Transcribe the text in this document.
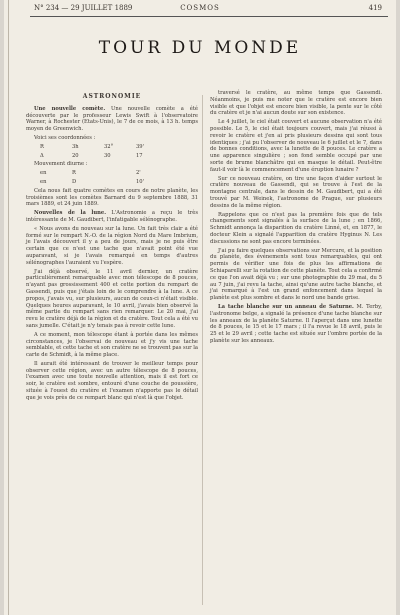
N° 234 — 29 JUILLET 1889	COSMOS	419
TOUR DU MONDE

ASTRONOMIE

Une nouvelle comète. Une nouvelle comète a été découverte par le professeur Lewis Swift à l'observatoire Warner, à Rochester (Etats-Unis), le 7 de ce mois, à 13 h. temps moyen de Greenwich.

Voici ses coordonnées :

R	3h	32°	39'

Δ	20	30	17

Mouvement diurne :

en	R	2'

en	D	10'

Cela nous fait quatre comètes en cours de notre planète, les troisièmes sont les comètes Barnard du 9 septembre 1888, 31 mars 1889, et 24 juin 1889.

Nouvelles de la lune. L'Astronomie a reçu le très intéressante de M. Gaudibert, l'infatigable sélénographe.

« Nous avons du nouveau sur la lune. Un fait très clair a été formé sur le rempart N.-O. de la région Nord du Mare Imbrium, je l'avais découvert il y a peu de jours, mais je ne puis être certain que ce n'est une tache que n'avait point été vue auparavant, si je l'avais remarqué en temps d'autres sélénographes l'auraient vu l'espère.

J'ai déjà observé, le 11 avril dernier, un cratère particulièrement remarquable avec mon télescope de 8 pouces, n'ayant pas grossissement 400 et cette portion du rempart de Gassendi, puis que j'étais loin de le comprendre à la lune. A ce propos, j'avais vu, sur plusieurs, aucun de ceux-ci n'était visible. Quelques heures auparavant, le 10 avril, j'avais bien observé la même partie du rempart sans rien remarquer. Le 20 mai, j'ai revu le cratère déjà de la région et du cratère. Tout cela a été vu sans jumelle. C'était je n'y tenais pas à revoir cette lune.

A ce moment, mon télescope étant à portée dans les mêmes circonstances, je l'observai de nouveau et j'y vis une tache semblable, et cette tache et son cratère ne se trouvent pas sur la carte de Schmidt, à la même place.

Il aurait été intéressant de trouver le meilleur temps pour observer cette région, avec un autre télescope de 8 pouces, l'examen avec une toute nouvelle attention, mais il est fort ce soir, le cratère est sombre, entouré d'une couche de poussière, située à l'ouest du cratère et l'examen n'apporte pas le détail que je vois près de ce rempart blanc qui n'est là que l'objet.

traversé le cratère, au même temps que Gassendi. Néanmoins, je puis me noter que le cratère est encore bien visible et que l'objet est encore bien visible, la pente sur le côté du cratère et je n'ai aucun doute sur son existence.

Le 4 juillet, le ciel était couvert et aucune observation n'a été possible. Le 5, le ciel était toujours couvert, mais j'ai réussi à revoir le cratère et j'en ai pris plusieurs dessins qui sont tous identiques ; j'ai pu l'observer de nouveau le 6 juillet et le 7, dans de bonnes conditions, avec la lunette de 8 pouces. Le cratère a une apparence singulière ; son fond semble occupé par une sorte de brume blanchâtre qui en masque le détail. Peut-être faut-il voir là le commencement d'une éruption lunaire ?

Sur ce nouveau cratère, on tire une façon d'aider surtout le cratère nouveau de Gassendi, qui se trouve à l'est de la montagne centrale, dans le dessin de M. Gaudibert, qui a été trouvé par M. Weinek, l'astronome de Prague, sur plusieurs dessins de la même région.

Rappelons que ce n'est pas la première fois que de tels changements sont signalés à la surface de la lune ; en 1866, Schmidt annonça la disparition du cratère Linné, et, en 1877, le docteur Klein a signalé l'apparition du cratère Hyginus N. Les discussions ne sont pas encore terminées.

J'ai pu faire quelques observations sur Mercure, et la position du planète, des événements sont tous remarquables, qui ont permis de vérifier une fois de plus les affirmations de Schiaparelli sur la rotation de cette planète. Tout cela a confirmé ce que l'on avait déjà vu ; sur une photographie du 29 mai, du 5 au 7 juin, j'ai revu la tache, ainsi qu'une autre tache blanche, et j'ai remarqué à l'est un grand enfoncement dans lequel la planète est plus sombre et dans le nord une bande grise.

La tache blanche sur un anneau de Saturne. M. Terby, l'astronome belge, a signalé la présence d'une tache blanche sur les anneaux de la planète Saturne. Il l'aperçut dans une lunette de 8 pouces, le 15 et le 17 mars ; il l'a revue le 18 avril, puis le 25 et le 29 avril ; cette tache est située sur l'ombre portée de la planète sur les anneaux.
